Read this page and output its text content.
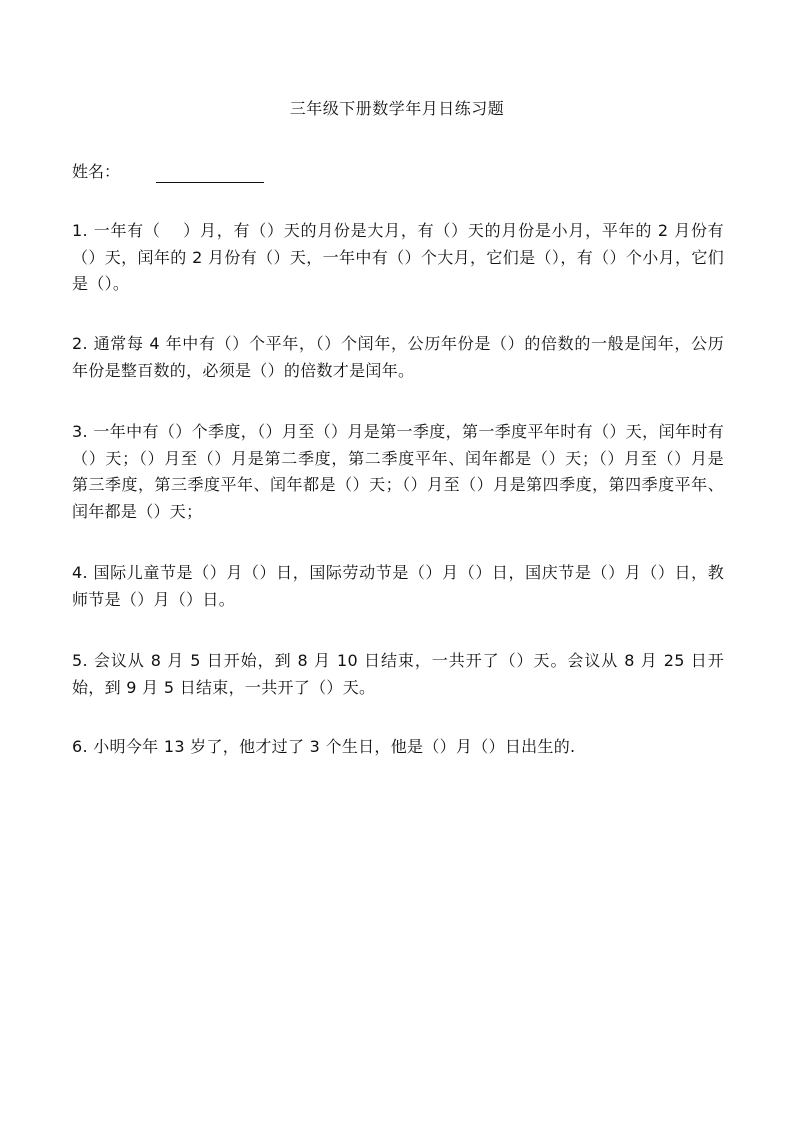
三年级下册数学年月日练习题
姓名：
1. 一年有（　 ）月，有（）天的月份是大月，有（）天的月份是小月，平年的 2 月份有（）天，闰年的 2 月份有（）天，一年中有（）个大月，它们是（），有（）个小月，它们是（）。
2. 通常每 4 年中有（）个平年，（）个闰年，公历年份是（）的倍数的一般是闰年，公历年份是整百数的，必须是（）的倍数才是闰年。
3. 一年中有（）个季度，（）月至（）月是第一季度，第一季度平年时有（）天，闰年时有（）天；（）月至（）月是第二季度，第二季度平年、闰年都是（）天；（）月至（）月是第三季度，第三季度平年、闰年都是（）天；（）月至（）月是第四季度，第四季度平年、闰年都是（）天；
4. 国际儿童节是（）月（）日，国际劳动节是（）月（）日，国庆节是（）月（）日，教师节是（）月（）日。
5. 会议从 8 月 5 日开始，到 8 月 10 日结束，一共开了（）天。会议从 8 月 25 日开始，到 9 月 5 日结束，一共开了（）天。
6. 小明今年 13 岁了，他才过了 3 个生日，他是（）月（）日出生的.
